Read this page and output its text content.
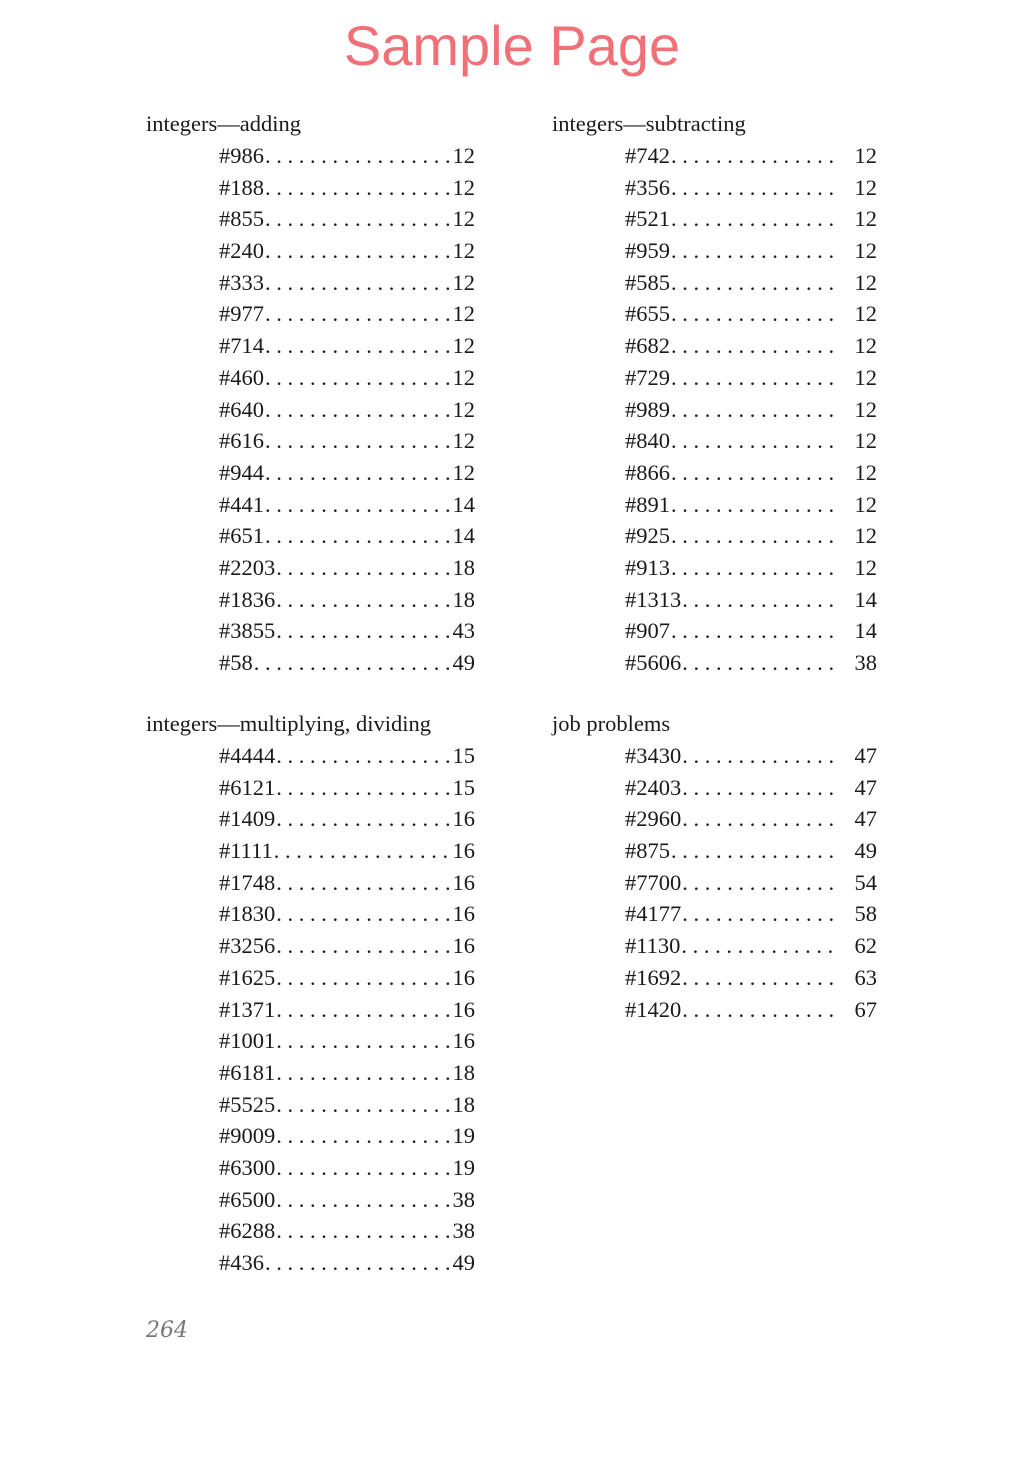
Sample Page
integers—adding
#986 . . .	12
#188 . . .	12
#855 . . .	12
#240 . . .	12
#333 . . .	12
#977 . . .	12
#714 . . .	12
#460 . . .	12
#640 . . .	12
#616 . . .	12
#944 . . .	12
#441 . . .	14
#651 . . .	14
#2203 . . .	18
#1836 . . .	18
#3855 . . .	43
#58 . . .	49
integers—subtracting
#742 . . .	12
#356 . . .	12
#521 . . .	12
#959 . . .	12
#585 . . .	12
#655 . . .	12
#682 . . .	12
#729 . . .	12
#989 . . .	12
#840 . . .	12
#866 . . .	12
#891 . . .	12
#925 . . .	12
#913 . . .	12
#1313 . . .	14
#907 . . .	14
#5606 . . .	38
integers—multiplying, dividing
#4444 . . .	15
#6121 . . .	15
#1409 . . .	16
#1111 . . .	16
#1748 . . .	16
#1830 . . .	16
#3256 . . .	16
#1625 . . .	16
#1371 . . .	16
#1001 . . .	16
#6181 . . .	18
#5525 . . .	18
#9009 . . .	19
#6300 . . .	19
#6500 . . .	38
#6288 . . .	38
#436 . . .	49
job problems
#3430 . . .	47
#2403 . . .	47
#2960 . . .	47
#875 . . .	49
#7700 . . .	54
#4177 . . .	58
#1130 . . .	62
#1692 . . .	63
#1420 . . .	67
264
